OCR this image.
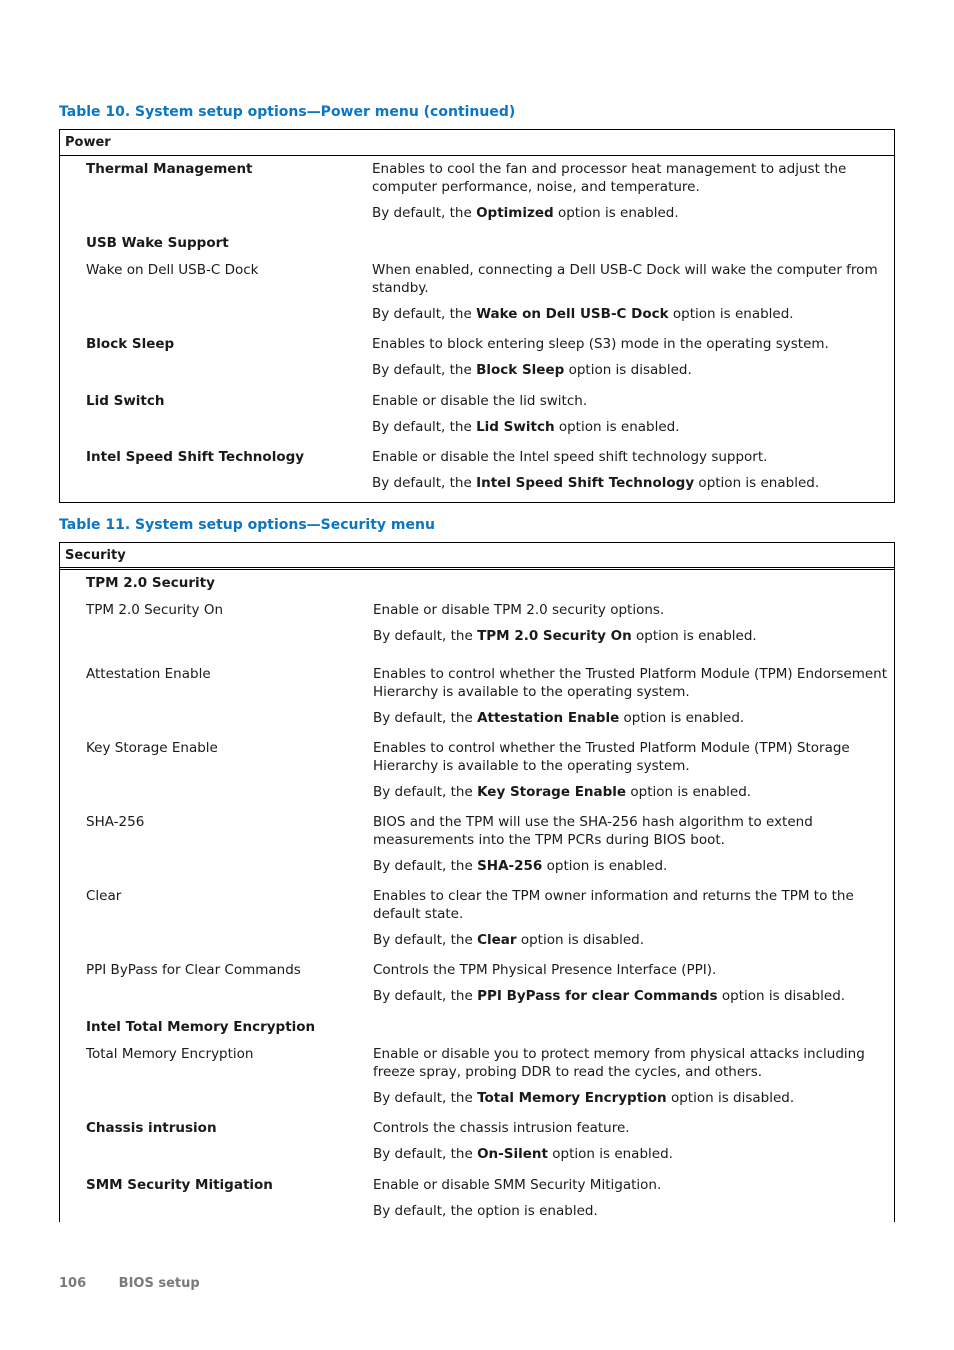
Table 10. System setup options—Power menu (continued)
Power
Thermal Management	Enables to cool the fan and processor heat management to adjust the computer performance, noise, and temperature.

By default, the Optimized option is enabled.

USB Wake Support
Wake on Dell USB-C Dock	When enabled, connecting a Dell USB-C Dock will wake the computer from standby.

By default, the Wake on Dell USB-C Dock option is enabled.

Block Sleep	Enables to block entering sleep (S3) mode in the operating system.

By default, the Block Sleep option is disabled.

Lid Switch	Enable or disable the lid switch.

By default, the Lid Switch option is enabled.

Intel Speed Shift Technology	Enable or disable the Intel speed shift technology support.

By default, the Intel Speed Shift Technology option is enabled.

Table 11. System setup options—Security menu
Security
TPM 2.0 Security
TPM 2.0 Security On	Enable or disable TPM 2.0 security options.

By default, the TPM 2.0 Security On option is enabled.

Attestation Enable	Enables to control whether the Trusted Platform Module (TPM) Endorsement Hierarchy is available to the operating system.

By default, the Attestation Enable option is enabled.

Key Storage Enable	Enables to control whether the Trusted Platform Module (TPM) Storage Hierarchy is available to the operating system.

By default, the Key Storage Enable option is enabled.

SHA-256	BIOS and the TPM will use the SHA-256 hash algorithm to extend measurements into the TPM PCRs during BIOS boot.

By default, the SHA-256 option is enabled.

Clear	Enables to clear the TPM owner information and returns the TPM to the default state.

By default, the Clear option is disabled.

PPI ByPass for Clear Commands	Controls the TPM Physical Presence Interface (PPI).

By default, the PPI ByPass for clear Commands option is disabled.

Intel Total Memory Encryption
Total Memory Encryption	Enable or disable you to protect memory from physical attacks including freeze spray, probing DDR to read the cycles, and others.

By default, the Total Memory Encryption option is disabled.

Chassis intrusion	Controls the chassis intrusion feature.

By default, the On-Silent option is enabled.

SMM Security Mitigation	Enable or disable SMM Security Mitigation.

By default, the option is enabled.

106	BIOS setup
